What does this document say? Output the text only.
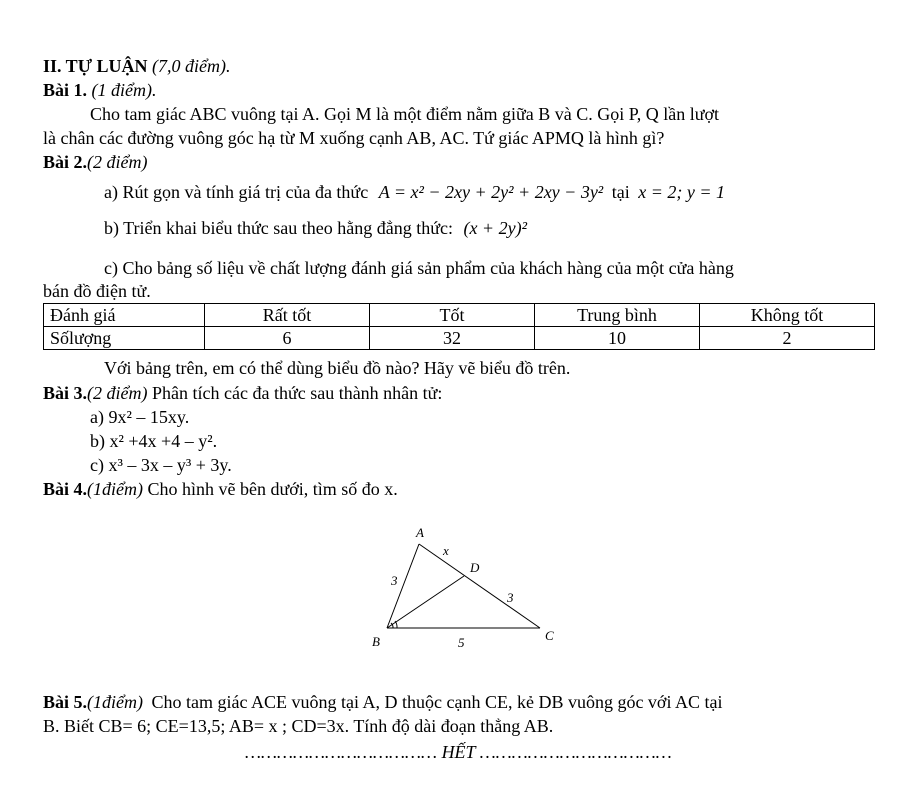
II. TỰ LUẬN (7,0 điểm).
Bài 1. (1 điểm).
Cho tam giác ABC vuông tại A. Gọi M là một điểm nằm giữa B và C. Gọi P, Q lần lượt
là chân các đường vuông góc hạ từ M xuống cạnh AB, AC. Tứ giác APMQ là hình gì?
Bài 2.(2 điểm)
a) Rút gọn và tính giá trị của đa thức A = x² − 2xy + 2y² + 2xy − 3y² tại x = 2; y = 1
b) Triển khai biểu thức sau theo hằng đẳng thức: (x + 2y)²
c) Cho bảng số liệu về chất lượng đánh giá sản phẩm của khách hàng của một cửa hàng
bán đồ điện tử.
Đánh giá	Rất tốt	Tốt	Trung bình	Không tốt
Sốlượng	6	32	10	2
Với bảng trên, em có thể dùng biểu đồ nào? Hãy vẽ biểu đồ trên.
Bài 3.(2 điểm) Phân tích các đa thức sau thành nhân tử:
a) 9x² – 15xy.
b) x² +4x +4 – y².
c) x³ – 3x – y³ + 3y.
Bài 4.(1điểm) Cho hình vẽ bên dưới, tìm số đo x.
A
B	C
D
x
3
3
5
Bài 5.(1điểm) Cho tam giác ACE vuông tại A, D thuộc cạnh CE, kẻ DB vuông góc với AC tại
B. Biết CB= 6; CE=13,5; AB= x ; CD=3x. Tính độ dài đoạn thẳng AB.
……………………………… HẾT ………………………………
